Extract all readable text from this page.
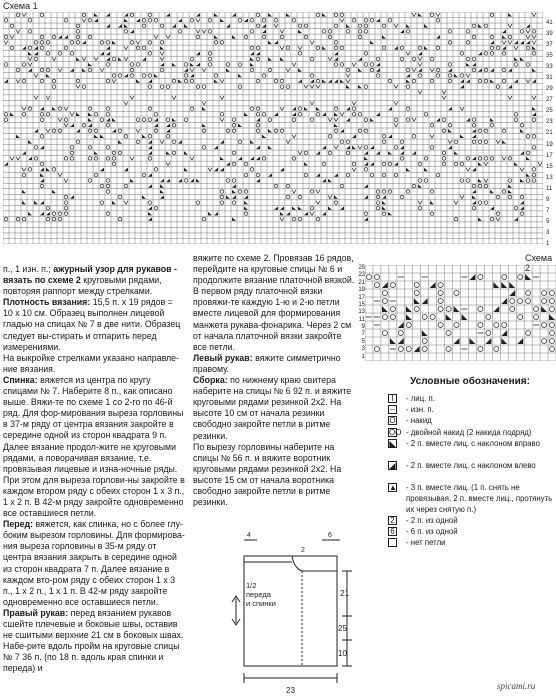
Схема 1
41
39
37
35
33
31
29
27
25
23
21
19
17
15
13
11
9
7
5
3
1
Схема 2
25
23
21
19
17
15
13
11
9
7
5
3
1

п., 1 изн. п.; ажурный узор для рукавов - вязать по схеме 2 круговыми рядами, повторяя раппорт между стрелками.

Плотность вязания: 15,5 п. х 19 рядов = 10 х 10 см. Образец выполнен лицевой гладью на спицах № 7 в две нити. Образец следует вы-стирать и отпарить перед измерениями.

На выкройке стрелками указано направле-ние вязания.

Спинка: вяжется из центра по кругу спицами № 7. Наберите 8 п., как описано выше. Вяжи-те по схеме 1 со 2-го по 46-й ряд. Для фор-мирования выреза горловины в 37-м ряду от центра вязания закройте в середине одной из сторон квадрата 9 п. Далее вязание продол-жите не круговыми рядами, а поворачивая вязание, т.е. провязывая лицевые и изна-ночные ряды. При этом для выреза горлови-ны закройте в каждом втором ряду с обеих сторон 1 х 3 п., 1 х 2 п. В 42-м ряду закройте одновременно все оставшиеся петли.

Перед: вяжется, как спинка, но с более глу-боким вырезом горловины. Для формирова-ния выреза горловины в 35-м ряду от центра вязания закрыть в середине одной из сторон квадрата 7 п. Далее вязание в каждом вто-ром ряду с обеих сторон 1 х 3 п., 1 х 2 п., 1 х 1 п. В 42-м ряду закройте одновременно все оставшиеся петли.

Правый рукав: перед вязанием рукавов сшейте плечевые и боковые швы, оставив не сшитыми верхние 21 см в боковых швах. Набе-рите вдоль пройм на круговые спицы № 7 36 п. (по 18 п. вдоль края спинки и переда) и

вяжите по схеме 2. Провязав 16 рядов, перейдите на круговые спицы № 6 и продолжите вязание платочной вязкой. В первом ряду платочной вязки провяжи-те каждую 1-ю и 2-ю петли вместе лицевой для формирования манжета рукава-фонарика. Через 2 см от начала платочной вязки закройте все петли.

Левый рукав: вяжите симметрично правому.

Сборка: по нижнему краю свитера наберите на спицы № 6 92 п. и вяжите круговыми рядами резинкой 2х2. На высоте 10 см от начала резинки свободно закройте петли в ритме резинки.

По вырезу горловины наберите на спицы № 56 п. и вяжите воротник круговыми рядами резинкой 2х2. На высоте 15 см от начала воротника свободно закройте петли в ритме резинки.

Условные обозначения:
I	- лиц. п.
– - изн. п.
O - накид
OO - двойной накид (2 накида подряд)
◣ - 2 п. вместе лиц. с наклоном вправо
◢ - 2 п. вместе лиц. с наклоном влево
▲ - 3 п. вместе лиц. (1 п. снять не провязывая, 2 п. вместе лиц., протянуть их через снятую п.)
2 - 2 п. из одной
6 - 6 п. из одной
- нет петли
6
4
1/2
переда
и спинки
21
25
10
23
2
spicami.ru
